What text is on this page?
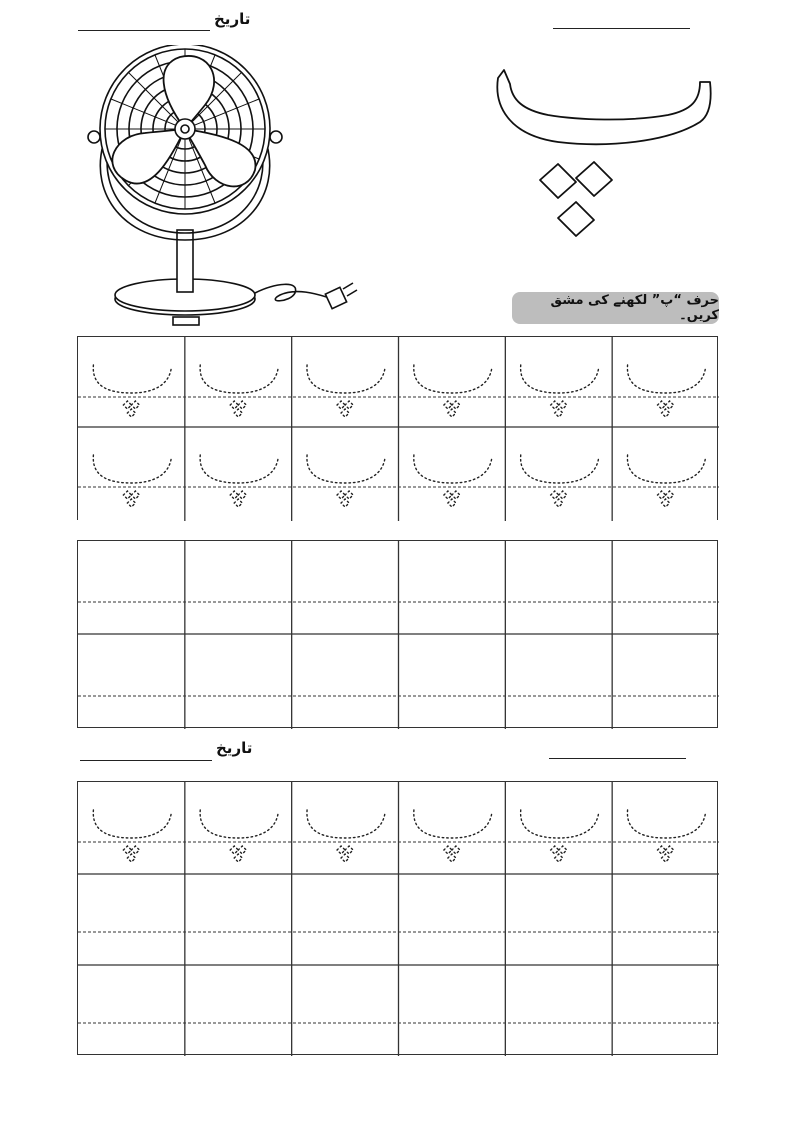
تاریخ
حرف “پ” لکھنے کی مشق کریں۔
تاریخ
